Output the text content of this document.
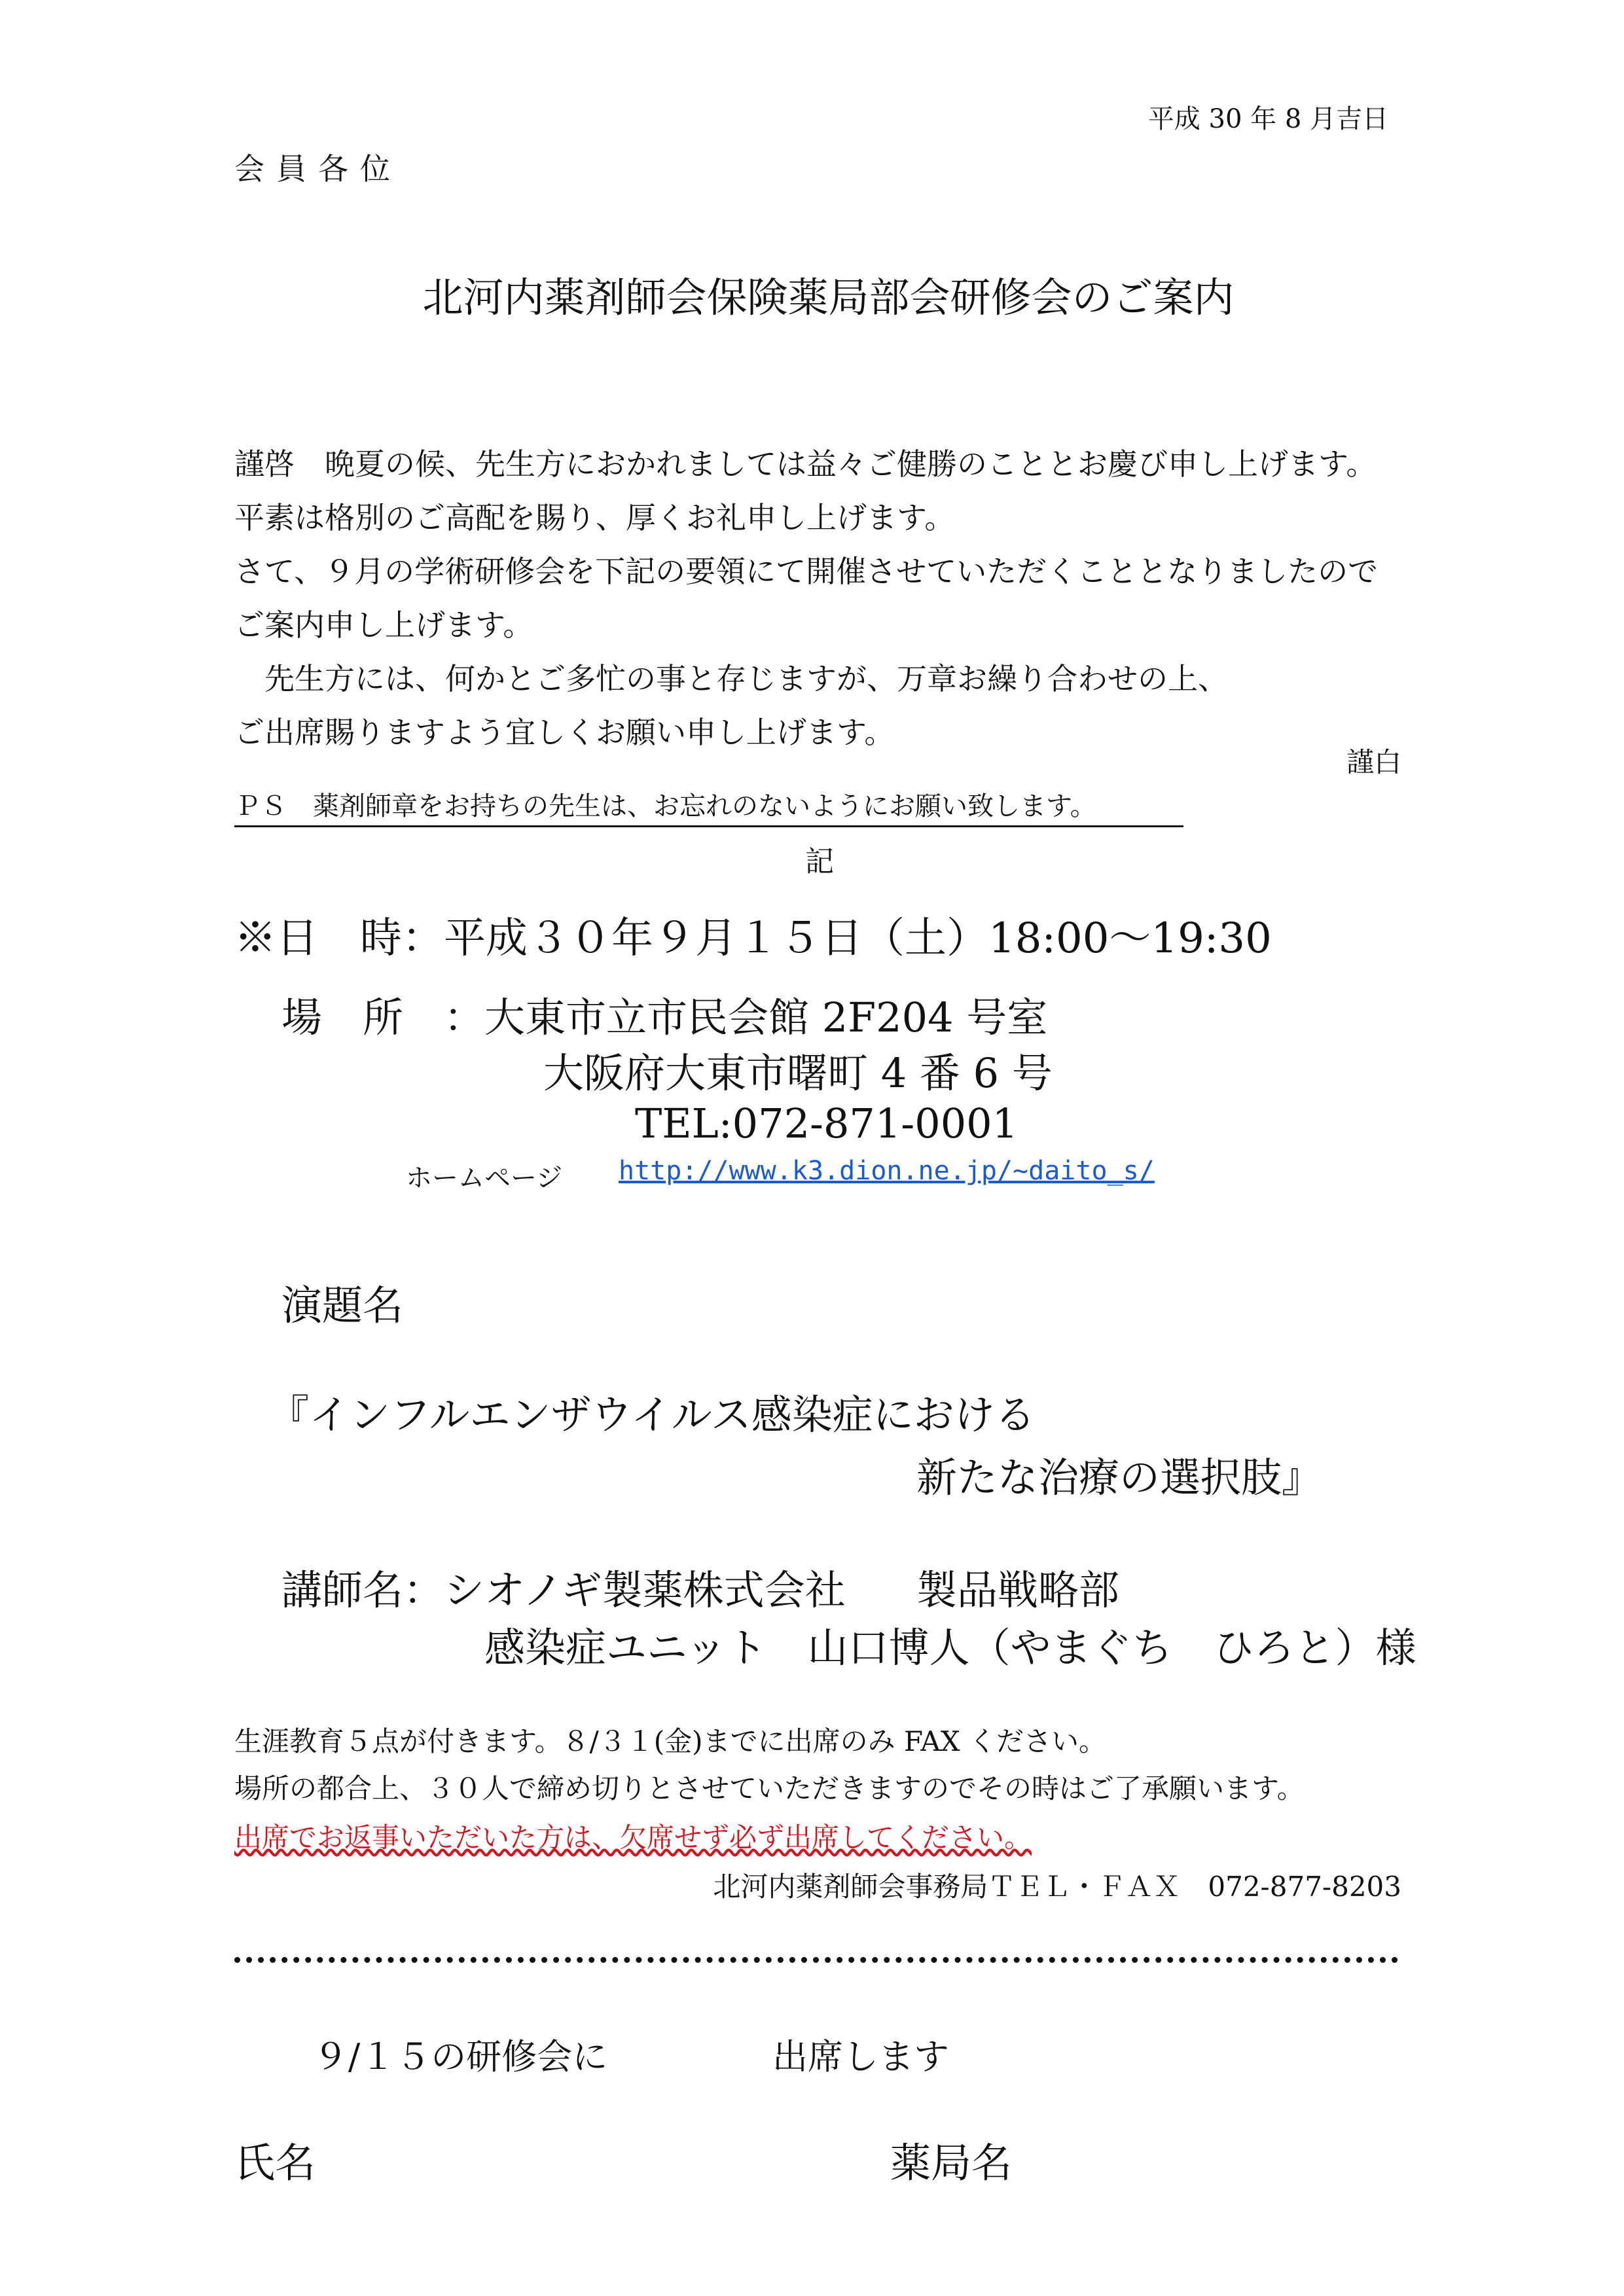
平成 30 年 8 月吉日
会員各位
北河内薬剤師会保険薬局部会研修会のご案内

謹啓　晩夏の候、先生方におかれましては益々ご健勝のこととお慶び申し上げます。平素は格別のご高配を賜り、厚くお礼申し上げます。

さて、９月の学術研修会を下記の要領にて開催させていただくこととなりましたのでご案内申し上げます。

　先生方には、何かとご多忙の事と存じますが、万章お繰り合わせの上、

ご出席賜りますよう宜しくお願い申し上げます。

謹白
ＰＳ　薬剤師章をお持ちの先生は、お忘れのないようにお願い致します。
記
※日　時：平成３０年９月１５日（土）18:00～19:30
場　所　：大東市立市民会館 2F204 号室
大阪府大東市曙町 4 番 6 号
TEL:072-871-0001
ホームページ http://www.k3.dion.ne.jp/~daito_s/
演題名
『インフルエンザウイルス感染症における
新たな治療の選択肢』
講師名：シオノギ製薬株式会社 製品戦略部
感染症ユニット　山口博人（やまぐち　ひろと）様
生涯教育５点が付きます。８/３１(金)までに出席のみ FAX ください。
場所の都合上、３０人で締め切りとさせていただきますのでその時はご了承願います。
出席でお返事いただいた方は、欠席せず必ず出席してください。
北河内薬剤師会事務局ＴＥＬ・ＦＡＸ　072-877-8203
９/１５の研修会に	出席します
氏名	薬局名
